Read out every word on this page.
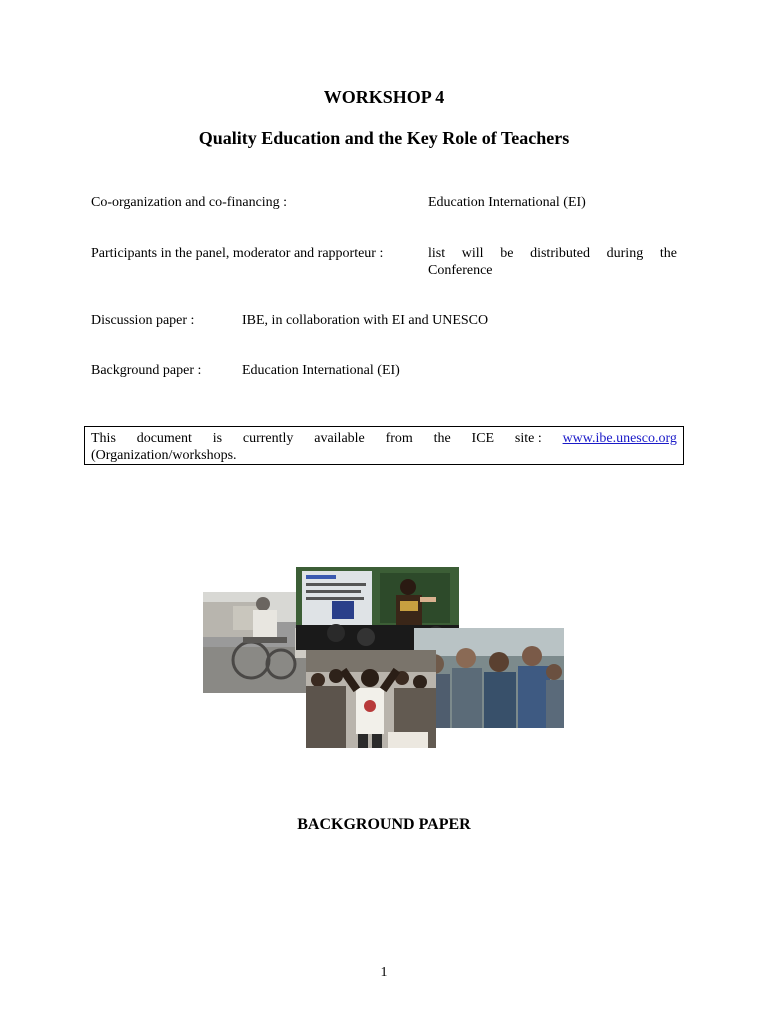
WORKSHOP 4
Quality Education and the Key Role of Teachers
Co-organization and co-financing :	Education International (EI)
Participants in the panel, moderator and rapporteur :	list will be distributed during the
Conference
Discussion paper :	IBE, in collaboration with EI and UNESCO
Background paper :	Education International (EI)
This document is currently available from the ICE site : www.ibe.unesco.org
(Organization/workshops.
BACKGROUND PAPER
1
